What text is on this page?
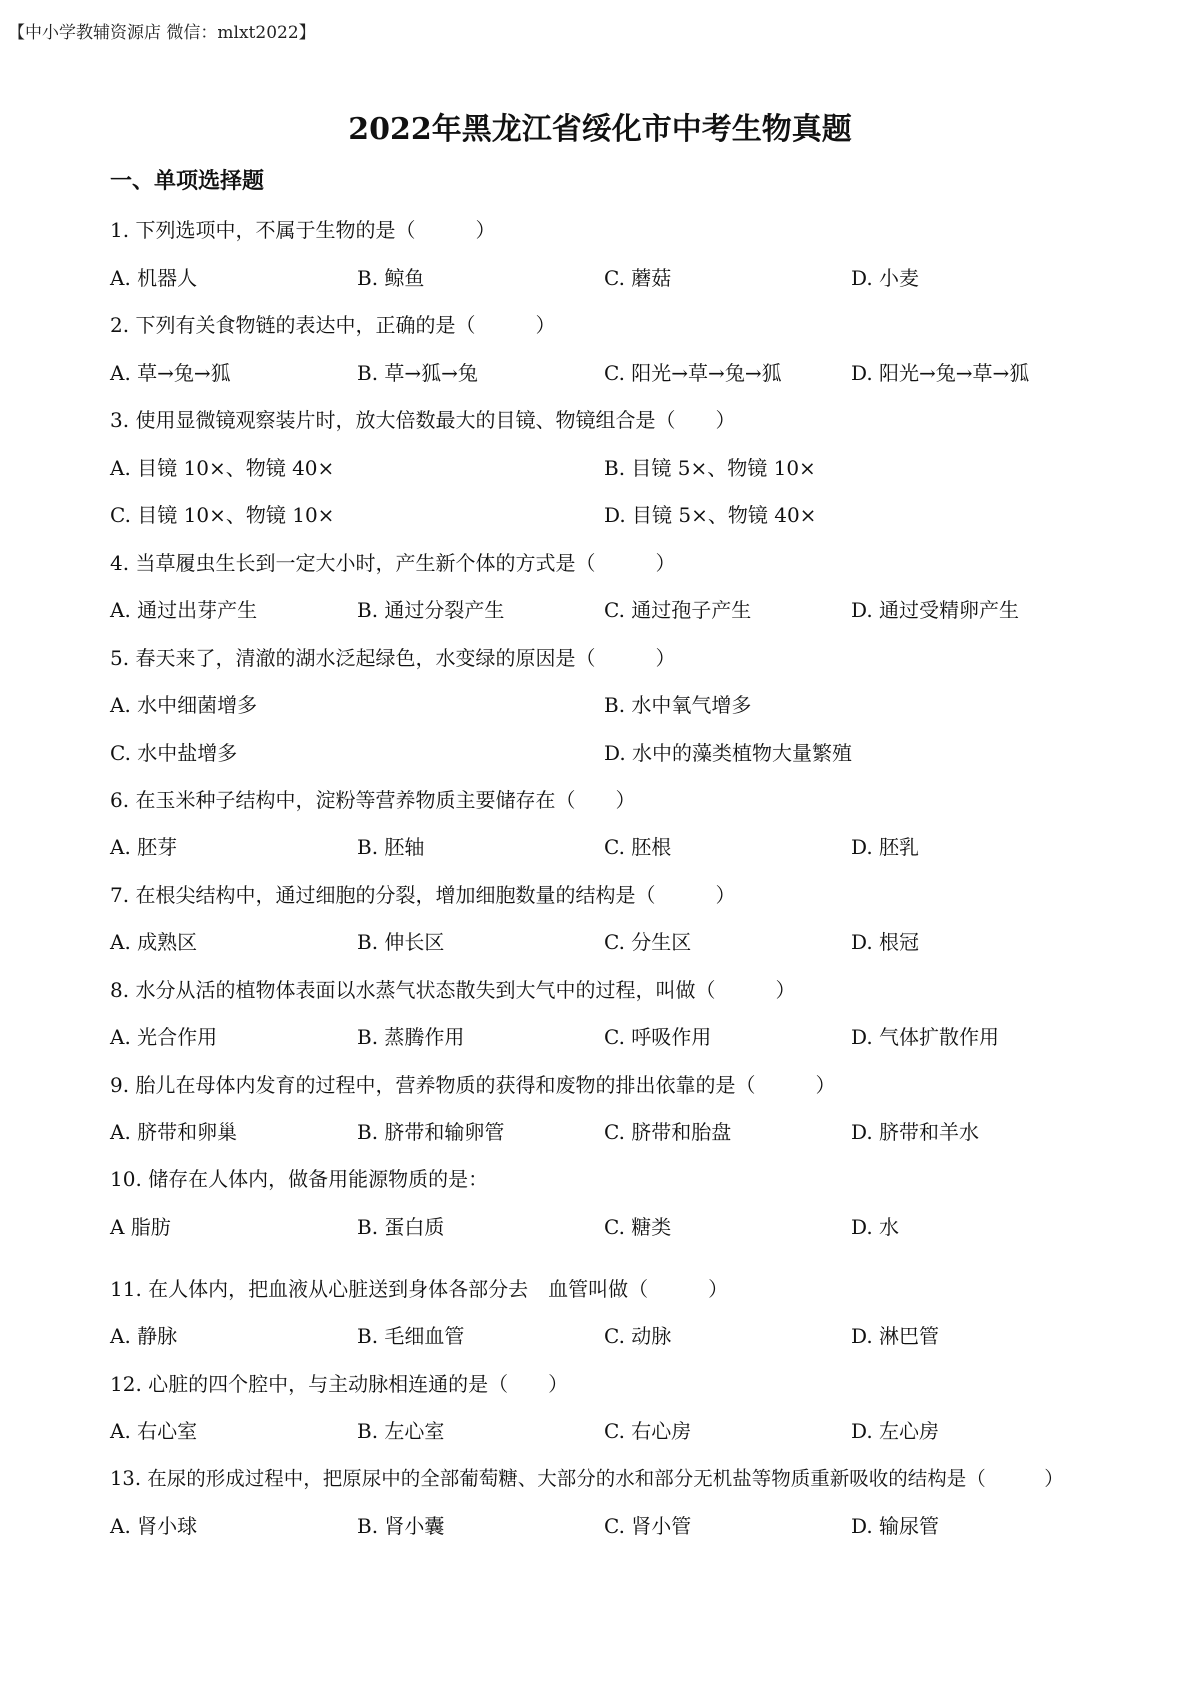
【中小学教辅资源店 微信：mlxt2022】
2022年黑龙江省绥化市中考生物真题
一、单项选择题
1. 下列选项中，不属于生物的是（　　　）
A. 机器人	B. 鲸鱼	C. 蘑菇	D. 小麦
2. 下列有关食物链的表达中，正确的是（　　　）
A. 草→兔→狐	B. 草→狐→兔	C. 阳光→草→兔→狐	D. 阳光→兔→草→狐
3. 使用显微镜观察装片时，放大倍数最大的目镜、物镜组合是（　　）
A. 目镜 10×、物镜 40×	B. 目镜 5×、物镜 10×
C. 目镜 10×、物镜 10×	D. 目镜 5×、物镜 40×
4. 当草履虫生长到一定大小时，产生新个体的方式是（　　　）
A. 通过出芽产生	B. 通过分裂产生	C. 通过孢子产生	D. 通过受精卵产生
5. 春天来了，清澈的湖水泛起绿色，水变绿的原因是（　　　）
A. 水中细菌增多	B. 水中氧气增多
C. 水中盐增多	D. 水中的藻类植物大量繁殖
6. 在玉米种子结构中，淀粉等营养物质主要储存在（　　）
A. 胚芽	B. 胚轴	C. 胚根	D. 胚乳
7. 在根尖结构中，通过细胞的分裂，增加细胞数量的结构是（　　　）
A. 成熟区	B. 伸长区	C. 分生区	D. 根冠
8. 水分从活的植物体表面以水蒸气状态散失到大气中的过程，叫做（　　　）
A. 光合作用	B. 蒸腾作用	C. 呼吸作用	D. 气体扩散作用
9. 胎儿在母体内发育的过程中，营养物质的获得和废物的排出依靠的是（　　　）
A. 脐带和卵巢	B. 脐带和输卵管	C. 脐带和胎盘	D. 脐带和羊水
10. 储存在人体内，做备用能源物质的是：
A 脂肪	B. 蛋白质	C. 糖类	D. 水
11. 在人体内，把血液从心脏送到身体各部分去　血管叫做（　　　）
A. 静脉	B. 毛细血管	C. 动脉	D. 淋巴管
12. 心脏的四个腔中，与主动脉相连通的是（　　）
A. 右心室	B. 左心室	C. 右心房	D. 左心房
13. 在尿的形成过程中，把原尿中的全部葡萄糖、大部分的水和部分无机盐等物质重新吸收的结构是（　　　）
A. 肾小球	B. 肾小囊	C. 肾小管	D. 输尿管
